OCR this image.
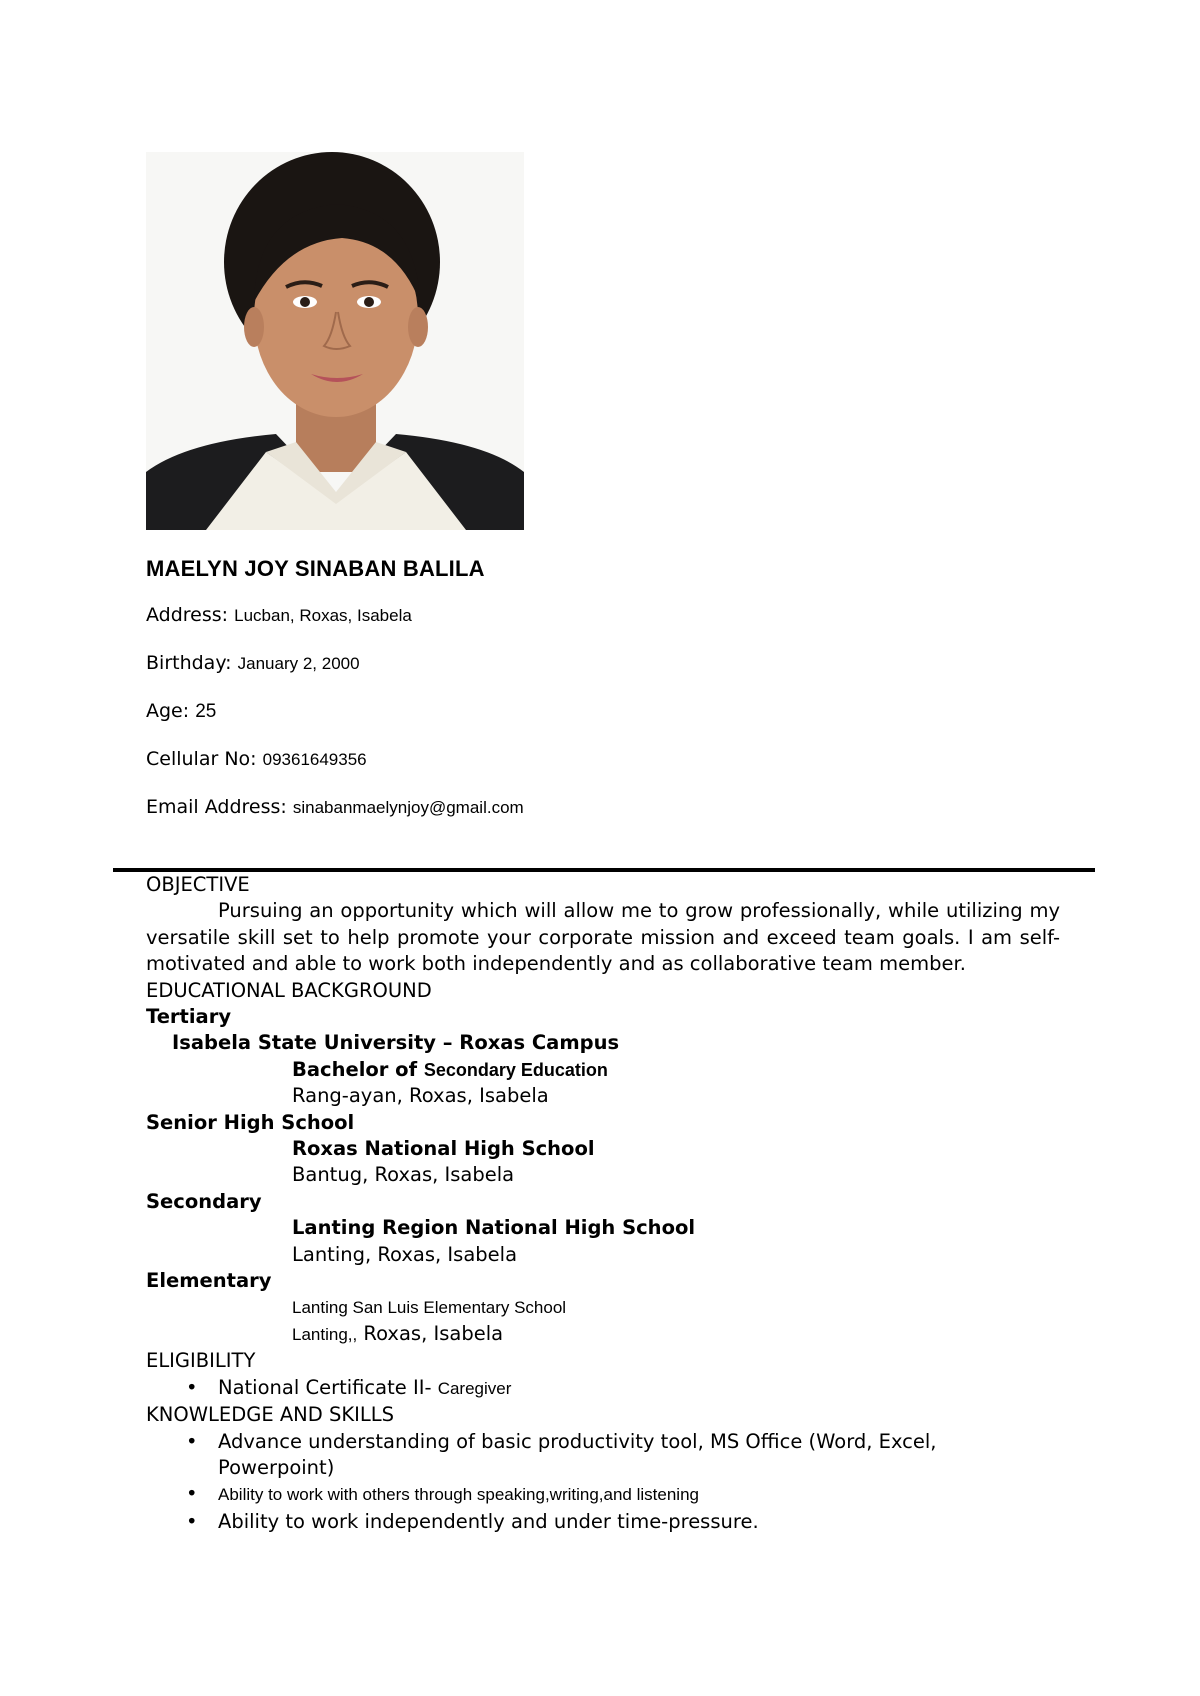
MAELYN JOY SINABAN BALILA
Address: Lucban, Roxas, Isabela
Birthday: January 2, 2000
Age: 25
Cellular No: 09361649356
Email Address: sinabanmaelynjoy@gmail.com
OBJECTIVE

Pursuing an opportunity which will allow me to grow professionally, while utilizing my versatile skill set to help promote your corporate mission and exceed team goals. I am self-motivated and able to work both independently and as collaborative team member.

EDUCATIONAL BACKGROUND
Tertiary
Isabela State University – Roxas Campus
Bachelor of Secondary Education
Rang-ayan, Roxas, Isabela
Senior High School
Roxas National High School
Bantug, Roxas, Isabela
Secondary
Lanting Region National High School
Lanting, Roxas, Isabela
Elementary
Lanting San Luis Elementary School
Lanting,, Roxas, Isabela
ELIGIBILITY
• National Certificate II- Caregiver
KNOWLEDGE AND SKILLS
• Advance understanding of basic productivity tool, MS Office (Word, Excel,
Powerpoint)
• Ability to work with others through speaking,writing,and listening
• Ability to work independently and under time-pressure.
